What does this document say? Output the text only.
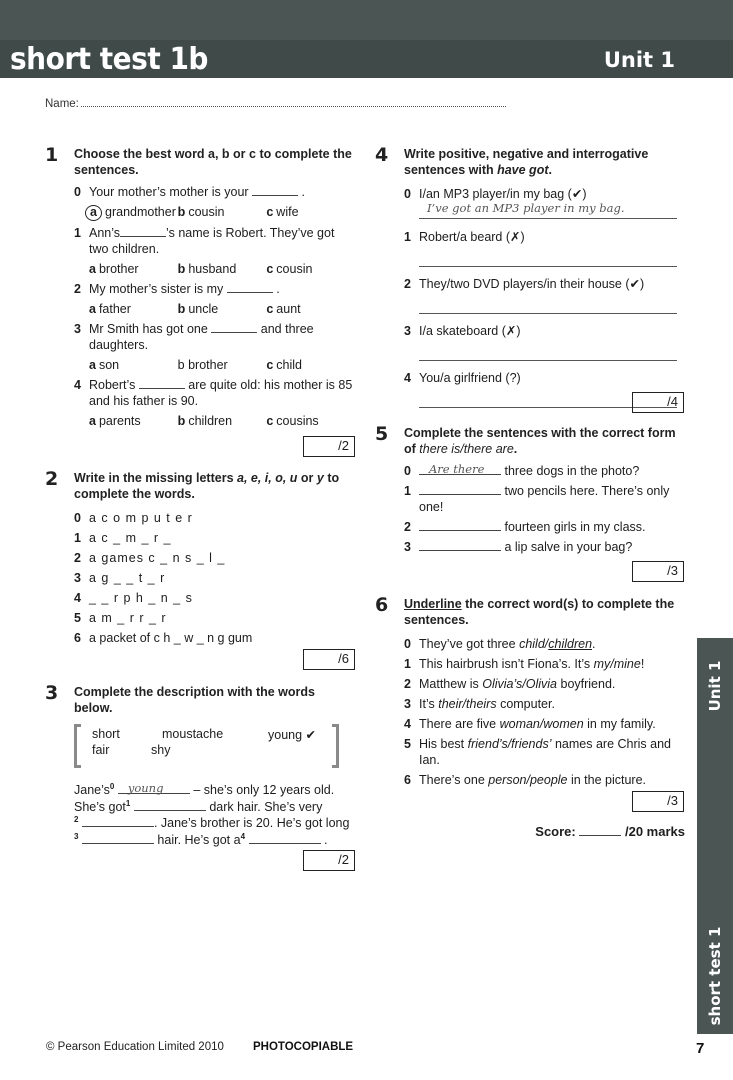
short test 1b	Unit 1
Name:
1 Choose the best word a, b or c to complete the sentences.
0 Your mother’s mother is your	.
a grandmother b cousin	c wife
1 Ann’s	’s name is Robert. They’ve got two children.
a brother	b husband	c cousin
2 My mother’s sister is my	.
a father	b uncle	c aunt
3 Mr Smith has got one	and three daughters.
a son	b brother	c child
4 Robert’s	are quite old: his mother is 85 and his father is 90.
a parents	b children	c cousins
/2
2 Write in the missing letters a, e, i, o, u or y to complete the words.
0 a c o m p u t e r
1 a c _ m _ r _
2 a games c _ n s _ l _
3 a g _ _ t _ r
4 _ _ r p h _ n _ s
5 a m _ r r _ r
6 a packet of c h _ w _ n g gum
/6
3 Complete the description with the words below.
short	moustache	young ✔
fair	shy
$Jane’s^0$ young – she’s only 12 years old.
She’s got$^1$	dark hair. She’s very
$^2$	. Jane’s brother is 20. He’s got long
$^3$	hair. He’s got $a^4$	.
/2
4 Write positive, negative and interrogative sentences with have got.
0 I/an MP3 player/in my bag (✔)
I’ve got an MP3 player in my bag.
1 Robert/a beard (✗)
2 They/two DVD players/in their house (✔)
3 I/a skateboard (✗)
4 You/a girlfriend (?)
/4
5 Complete the sentences with the correct form of there is/there are.
0 Are there three dogs in the photo?
1	two pencils here. There’s only one!
2	fourteen girls in my class.
3	a lip salve in your bag?
/3
6 Underline the correct word(s) to complete the sentences.
0 They’ve got three child/children.
1 This hairbrush isn’t Fiona’s. It’s my/mine!
2 Matthew is Olivia’s/Olivia boyfriend.
3 It’s their/theirs computer.
4 There are five woman/women in my family.
5 His best friend’s/friends’ names are Chris and Ian.
6 There’s one person/people in the picture.
/3
Score:	/20 marks
Unit 1
short test 1
© Pearson Education Limited 2010	PHOTOCOPIABLE	7
